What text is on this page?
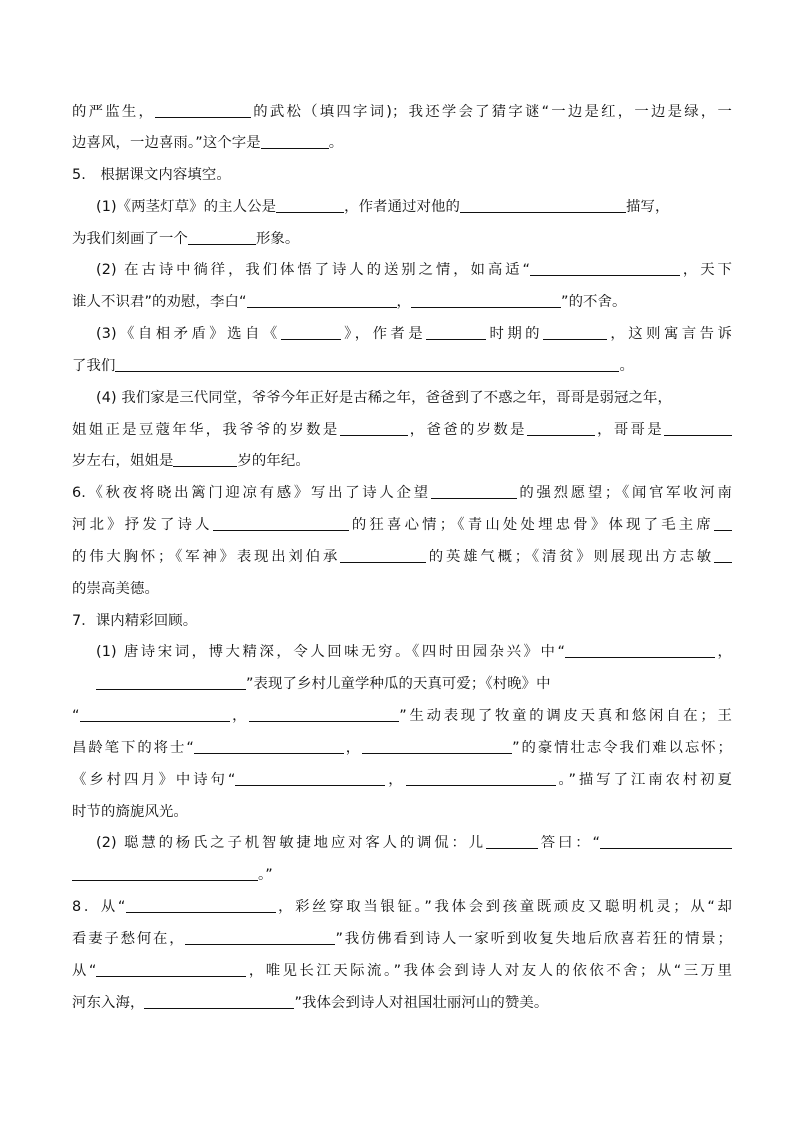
的严监生，	的武松（填四字词)；我还学会了猜字谜“一边是红，一边是绿，一
边喜风，一边喜雨。”这个字是	。
5.　根据课文内容填空。
(1)《两茎灯草》的主人公是	，作者通过对他的	描写，
为我们刻画了一个	形象。
(2) 在古诗中徜徉，我们体悟了诗人的送别之情，如高适“	，天下
谁人不识君”的劝慰，李白“	，	”的不舍。
(3)《自相矛盾》选自《	》，作者是	时期的	，这则寓言告诉
了我们	。
(4) 我们家是三代同堂，爷爷今年正好是古稀之年，爸爸到了不惑之年，哥哥是弱冠之年，
姐姐正是豆蔻年华，我爷爷的岁数是	，爸爸的岁数是	，哥哥是
岁左右，姐姐是	岁的年纪。
6.《秋夜将晓出篱门迎凉有感》写出了诗人企望	的强烈愿望；《闻官军收河南
河北》抒发了诗人	的狂喜心情；《青山处处埋忠骨》体现了毛主席
的伟大胸怀；《军神》表现出刘伯承	的英雄气概；《清贫》则展现出方志敏
的崇高美德。
7．课内精彩回顾。
(1) 唐诗宋词，博大精深，令人回味无穷。《四时田园杂兴》中“	，
”表现了乡村儿童学种瓜的天真可爱；《村晚》中
“	，	”生动表现了牧童的调皮天真和悠闲自在；王
昌龄笔下的将士“	，	”的豪情壮志令我们难以忘怀；
《乡村四月》中诗句“	，	。”描写了江南农村初夏
时节的旖旎风光。
(2) 聪慧的杨氏之子机智敏捷地应对客人的调侃：儿	答曰：“
。”
8．从“	，彩丝穿取当银钲。”我体会到孩童既顽皮又聪明机灵；从“却
看妻子愁何在，	”我仿佛看到诗人一家听到收复失地后欣喜若狂的情景；
从“	，唯见长江天际流。”我体会到诗人对友人的依依不舍；从“三万里
河东入海，	”我体会到诗人对祖国壮丽河山的赞美。
